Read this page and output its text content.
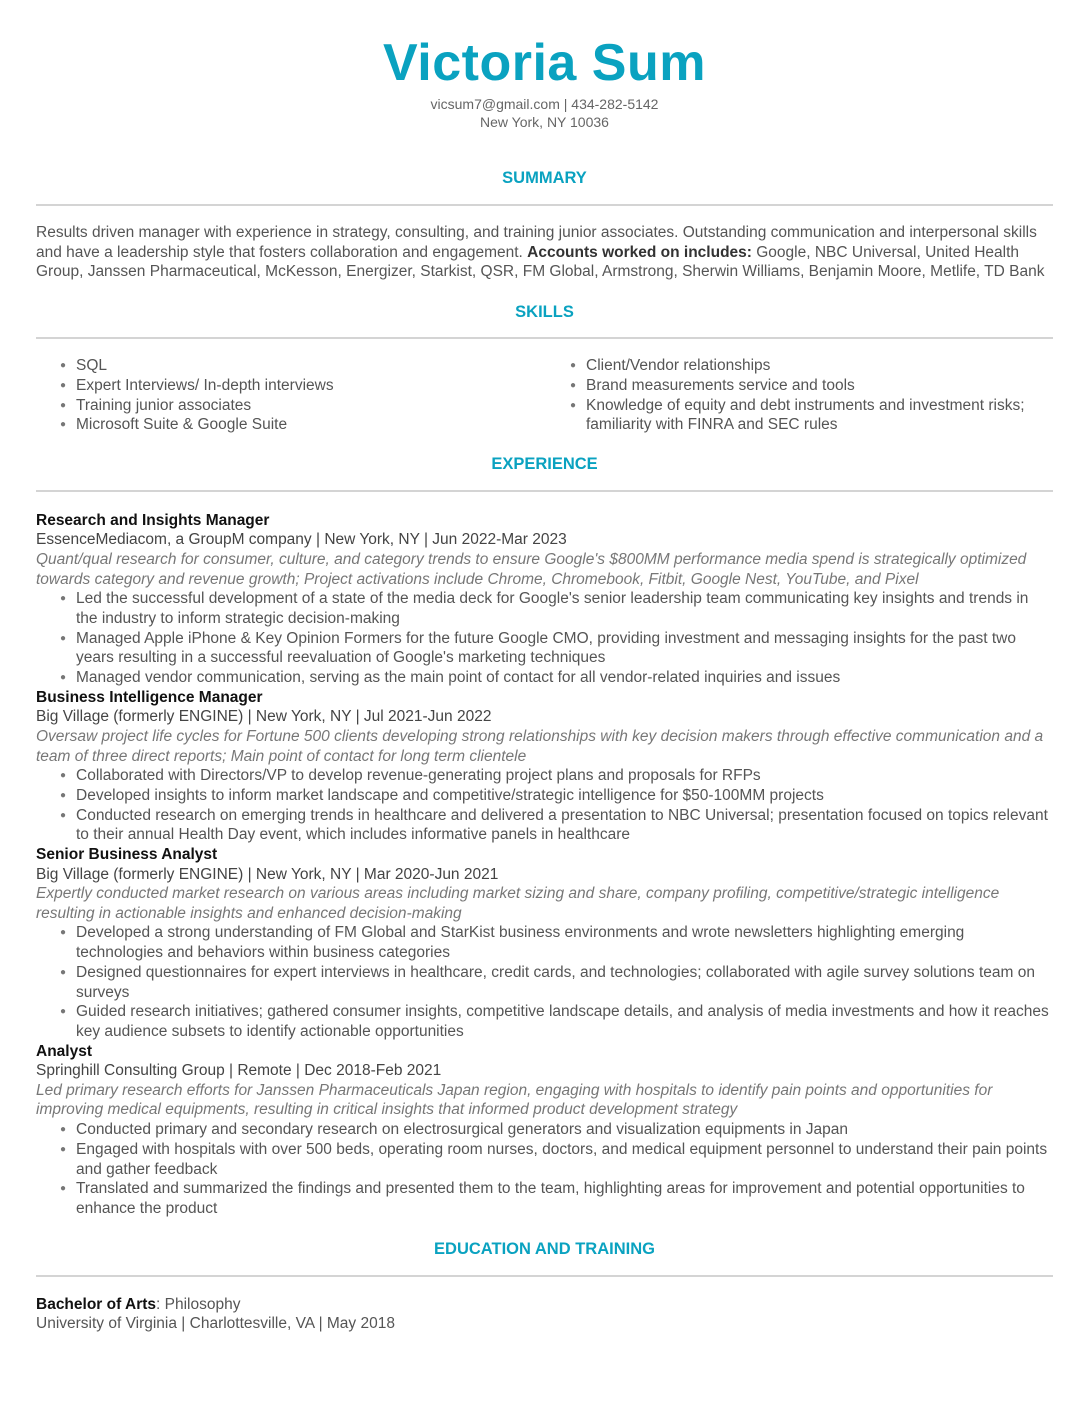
Victoria Sum
vicsum7@gmail.com | 434-282-5142
New York, NY 10036
SUMMARY
Results driven manager with experience in strategy, consulting, and training junior associates. Outstanding communication and interpersonal skills and have a leadership style that fosters collaboration and engagement. Accounts worked on includes: Google, NBC Universal, United Health Group, Janssen Pharmaceutical, McKesson, Energizer, Starkist, QSR, FM Global, Armstrong, Sherwin Williams, Benjamin Moore, Metlife, TD Bank
SKILLS
● SQL
● Expert Interviews/ In-depth interviews
● Training junior associates
● Microsoft Suite & Google Suite
● Client/Vendor relationships
● Brand measurements service and tools
● Knowledge of equity and debt instruments and investment risks; familiarity with FINRA and SEC rules
EXPERIENCE
Research and Insights Manager
EssenceMediacom, a GroupM company | New York, NY | Jun 2022-Mar 2023
Quant/qual research for consumer, culture, and category trends to ensure Google's $800MM performance media spend is strategically optimized towards category and revenue growth; Project activations include Chrome, Chromebook, Fitbit, Google Nest, YouTube, and Pixel
● Led the successful development of a state of the media deck for Google's senior leadership team communicating key insights and trends in the industry to inform strategic decision-making
● Managed Apple iPhone & Key Opinion Formers for the future Google CMO, providing investment and messaging insights for the past two years resulting in a successful reevaluation of Google's marketing techniques
● Managed vendor communication, serving as the main point of contact for all vendor-related inquiries and issues
Business Intelligence Manager
Big Village (formerly ENGINE) | New York, NY | Jul 2021-Jun 2022
Oversaw project life cycles for Fortune 500 clients developing strong relationships with key decision makers through effective communication and a team of three direct reports; Main point of contact for long term clientele
● Collaborated with Directors/VP to develop revenue-generating project plans and proposals for RFPs
● Developed insights to inform market landscape and competitive/strategic intelligence for $50-100MM projects
● Conducted research on emerging trends in healthcare and delivered a presentation to NBC Universal; presentation focused on topics relevant to their annual Health Day event, which includes informative panels in healthcare
Senior Business Analyst
Big Village (formerly ENGINE) | New York, NY | Mar 2020-Jun 2021
Expertly conducted market research on various areas including market sizing and share, company profiling, competitive/strategic intelligence resulting in actionable insights and enhanced decision-making
● Developed a strong understanding of FM Global and StarKist business environments and wrote newsletters highlighting emerging technologies and behaviors within business categories
● Designed questionnaires for expert interviews in healthcare, credit cards, and technologies; collaborated with agile survey solutions team on surveys
● Guided research initiatives; gathered consumer insights, competitive landscape details, and analysis of media investments and how it reaches key audience subsets to identify actionable opportunities
Analyst
Springhill Consulting Group | Remote | Dec 2018-Feb 2021
Led primary research efforts for Janssen Pharmaceuticals Japan region, engaging with hospitals to identify pain points and opportunities for improving medical equipments, resulting in critical insights that informed product development strategy
● Conducted primary and secondary research on electrosurgical generators and visualization equipments in Japan
● Engaged with hospitals with over 500 beds, operating room nurses, doctors, and medical equipment personnel to understand their pain points and gather feedback
● Translated and summarized the findings and presented them to the team, highlighting areas for improvement and potential opportunities to enhance the product
EDUCATION AND TRAINING
Bachelor of Arts: Philosophy
University of Virginia | Charlottesville, VA | May 2018
